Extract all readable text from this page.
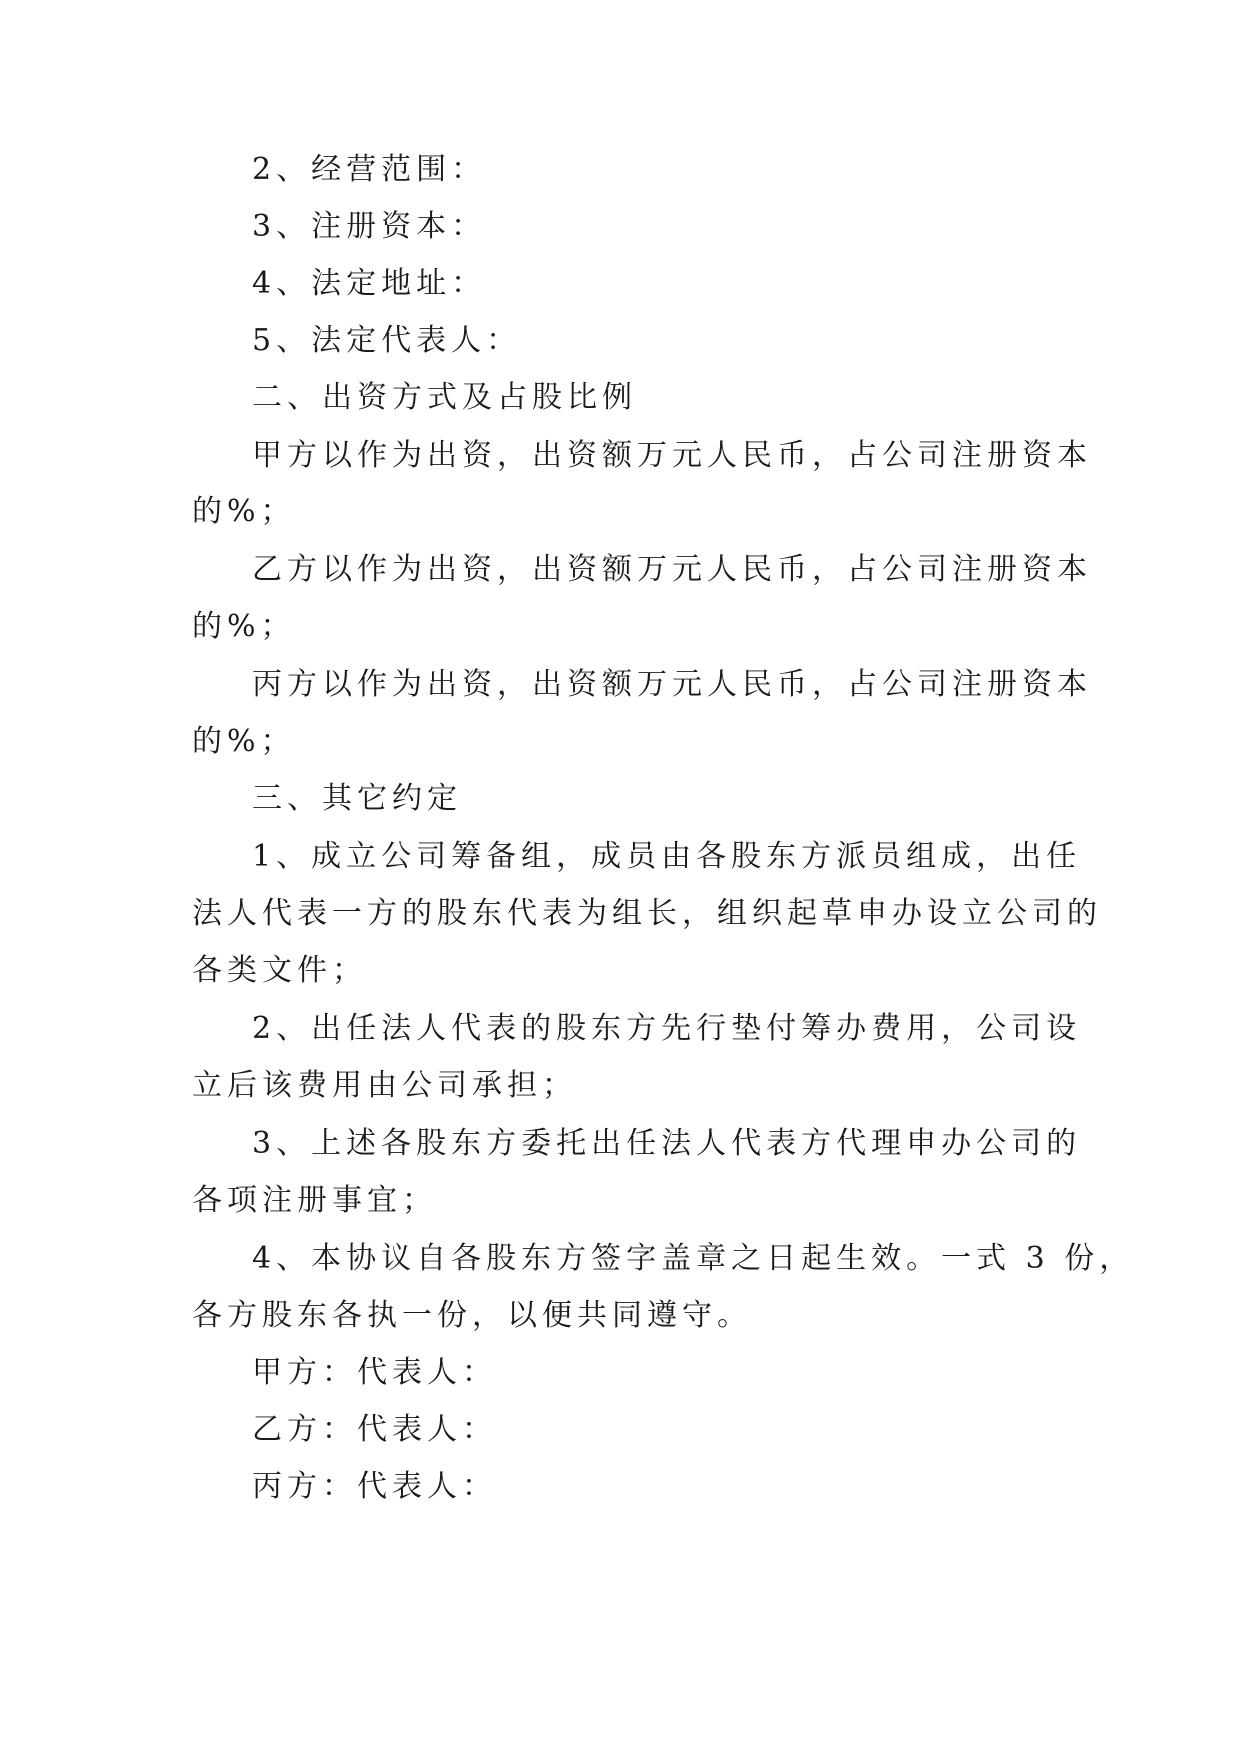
2、经营范围：
3、注册资本：
4、法定地址：
5、法定代表人：
二、出资方式及占股比例
甲方以作为出资，出资额万元人民币，占公司注册资本
的%；
乙方以作为出资，出资额万元人民币，占公司注册资本
的%；
丙方以作为出资，出资额万元人民币，占公司注册资本
的%；
三、其它约定
1、成立公司筹备组，成员由各股东方派员组成，出任
法人代表一方的股东代表为组长，组织起草申办设立公司的
各类文件；
2、出任法人代表的股东方先行垫付筹办费用，公司设
立后该费用由公司承担；
3、上述各股东方委托出任法人代表方代理申办公司的
各项注册事宜；
4、本协议自各股东方签字盖章之日起生效。一式 3 份，
各方股东各执一份，以便共同遵守。
甲方：代表人：
乙方：代表人：
丙方：代表人：
